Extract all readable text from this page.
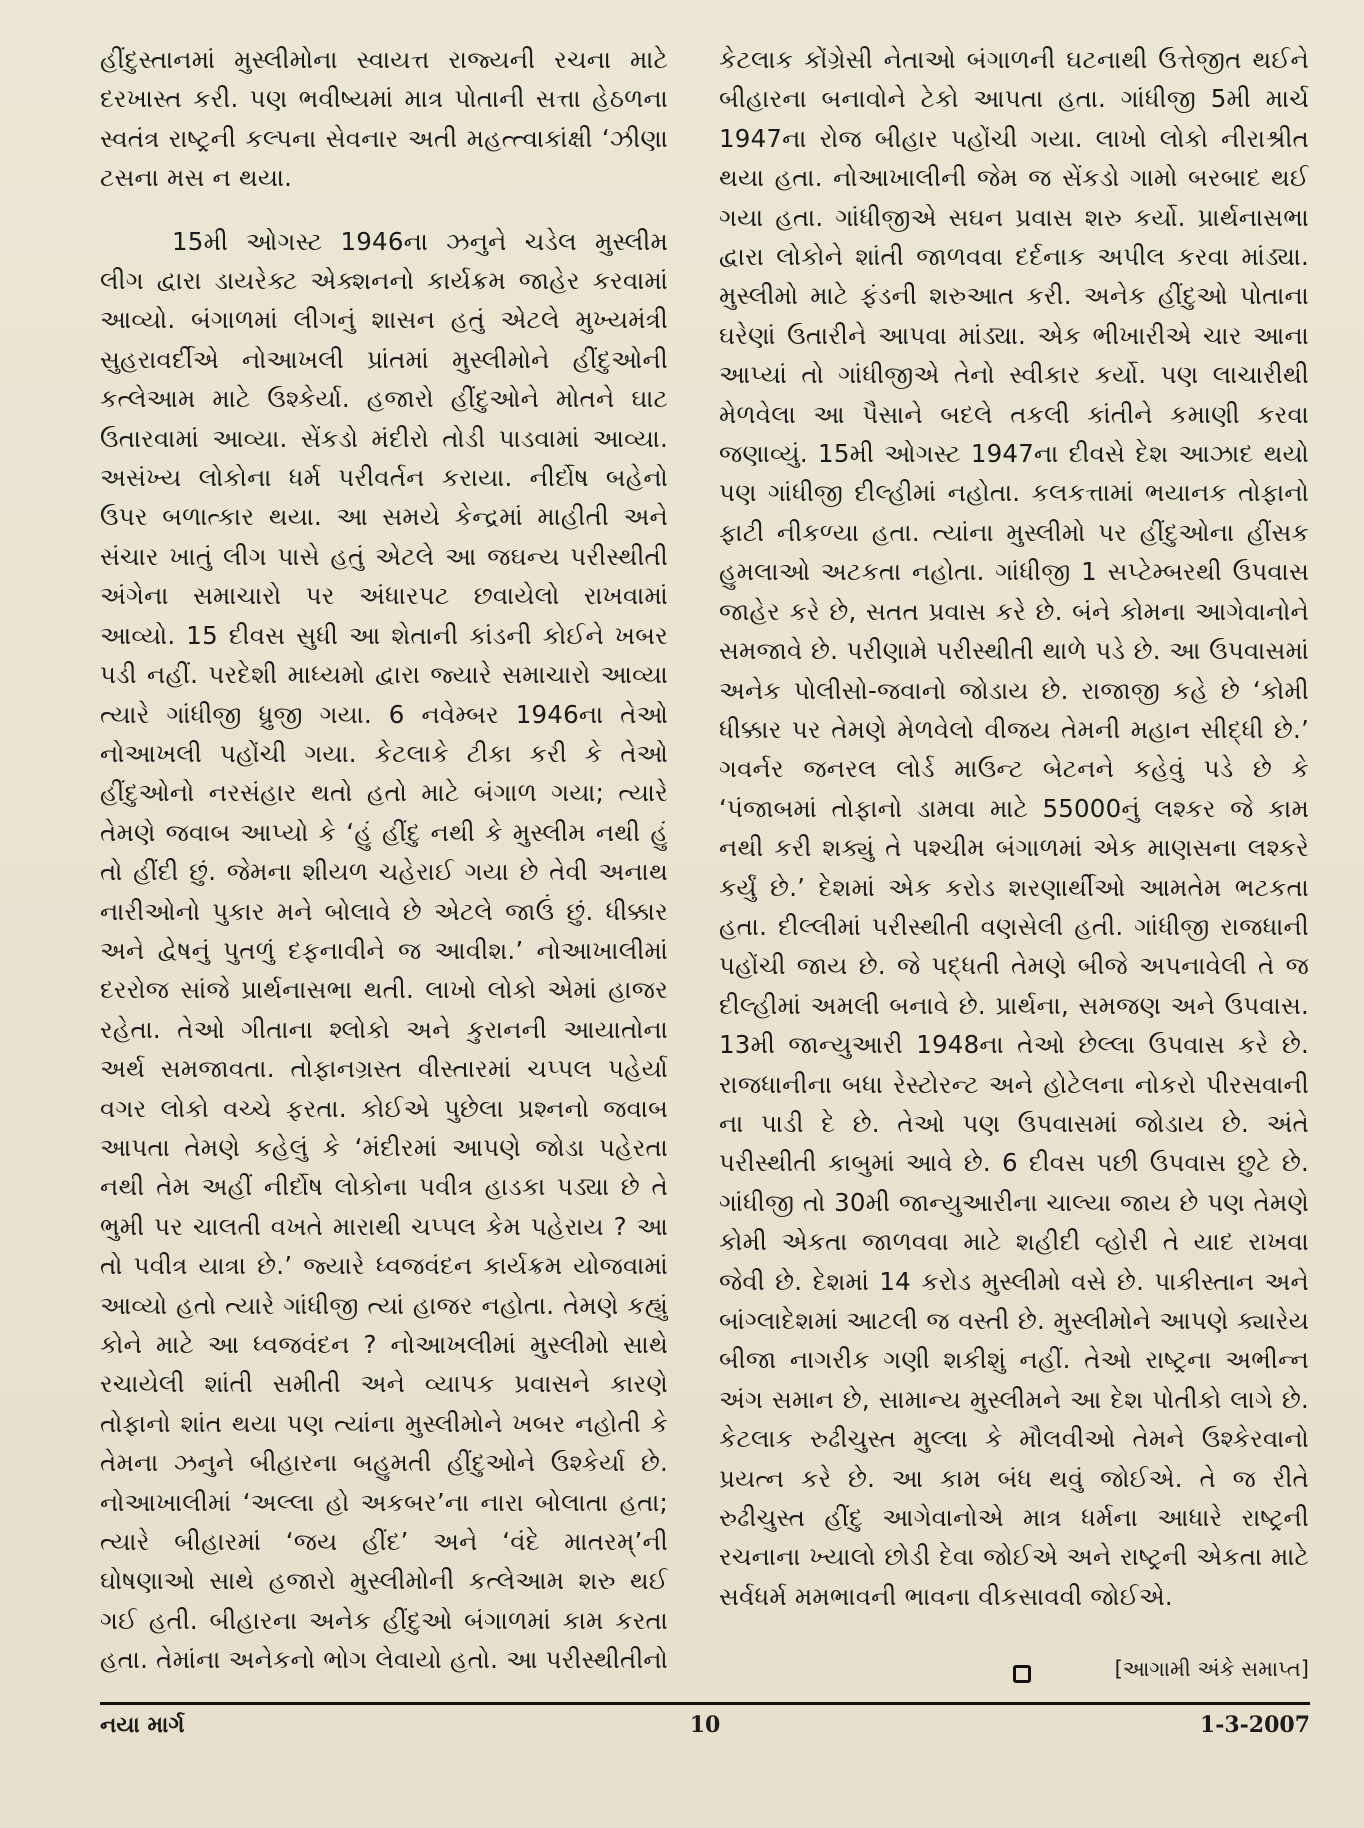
હીંદુસ્તાનમાં મુસ્લીમોના સ્વાયત્ત રાજ્યની રચના માટે દરખાસ્ત કરી. પણ ભવીષ્યમાં માત્ર પોતાની સત્તા હેઠળના સ્વતંત્ર રાષ્ટ્રની કલ્પના સેવનાર અતી મહત્ત્વાકાંક્ષી ‘ઝીણા ટસના મસ ન થયા.

15મી ઓગસ્ટ 1946ના ઝનુને ચડેલ મુસ્લીમ લીગ દ્વારા ડાયરેક્ટ એક્શનનો કાર્યક્રમ જાહેર કરવામાં આવ્યો. બંગાળમાં લીગનું શાસન હતું એટલે મુખ્યમંત્રી સુહરાવર્દીએ નોઆખલી પ્રાંતમાં મુસ્લીમોને હીંદુઓની કત્લેઆમ માટે ઉશ્કેર્યા. હજારો હીંદુઓને મોતને ઘાટ ઉતારવામાં આવ્યા. સેંકડો મંદીરો તોડી પાડવામાં આવ્યા. અસંખ્ય લોકોના ધર્મ પરીવર્તન કરાયા. નીર્દોષ બહેનો ઉપર બળાત્કાર થયા. આ સમયે કેન્દ્રમાં માહીતી અને સંચાર ખાતું લીગ પાસે હતું એટલે આ જઘન્ય પરીસ્થીતી અંગેના સમાચારો પર અંધારપટ છવાયેલો રાખવામાં આવ્યો. 15 દીવસ સુધી આ શેતાની કાંડની કોઈને ખબર પડી નહીં. પરદેશી માધ્યમો દ્વારા જ્યારે સમાચારો આવ્યા ત્યારે ગાંધીજી ધ્રુજી ગયા. 6 નવેમ્બર 1946ના તેઓ નોઆખલી પહોંચી ગયા. કેટલાકે ટીકા કરી કે તેઓ હીંદુઓનો નરસંહાર થતો હતો માટે બંગાળ ગયા; ત્યારે તેમણે જવાબ આપ્યો કે ‘હું હીંદુ નથી કે મુસ્લીમ નથી હું તો હીંદી છું. જેમના શીયળ ચહેરાઈ ગયા છે તેવી અનાથ નારીઓનો પુકાર મને બોલાવે છે એટલે જાઉં છું. ધીક્કાર અને દ્વેષનું પુતળું દફનાવીને જ આવીશ.’ નોઆખાલીમાં દરરોજ સાંજે પ્રાર્થનાસભા થતી. લાખો લોકો એમાં હાજર રહેતા. તેઓ ગીતાના શ્લોકો અને કુરાનની આયાતોના અર્થ સમજાવતા. તોફાનગ્રસ્ત વીસ્તારમાં ચપ્પલ પહેર્યા વગર લોકો વચ્ચે ફરતા. કોઈએ પુછેલા પ્રશ્નનો જવાબ આપતા તેમણે કહેલું કે ‘મંદીરમાં આપણે જોડા પહેરતા નથી તેમ અહીં નીર્દોષ લોકોના પવીત્ર હાડકા પડ્યા છે તે ભુમી પર ચાલતી વખતે મારાથી ચપ્પલ કેમ પહેરાય ? આ તો પવીત્ર યાત્રા છે.’ જ્યારે ધ્વજવંદન કાર્યક્રમ યોજવામાં આવ્યો હતો ત્યારે ગાંધીજી ત્યાં હાજર નહોતા. તેમણે કહ્યું કોને માટે આ ધ્વજવંદન ? નોઆખલીમાં મુસ્લીમો સાથે રચાયેલી શાંતી સમીતી અને વ્યાપક પ્રવાસને કારણે તોફાનો શાંત થયા પણ ત્યાંના મુસ્લીમોને ખબર નહોતી કે તેમના ઝનુને બીહારના બહુમતી હીંદુઓને ઉશ્કેર્યા છે. નોઆખાલીમાં ‘અલ્લા હો અકબર’ના નારા બોલાતા હતા; ત્યારે બીહારમાં ‘જય હીંદ’ અને ‘વંદે માતરમ્’ની ઘોષણાઓ સાથે હજારો મુસ્લીમોની કત્લેઆમ શરુ થઈ ગઈ હતી. બીહારના અનેક હીંદુઓ બંગાળમાં કામ કરતા હતા. તેમાંના અનેકનો ભોગ લેવાયો હતો. આ પરીસ્થીતીનો

કેટલાક કોંગ્રેસી નેતાઓ બંગાળની ઘટનાથી ઉત્તેજીત થઈને બીહારના બનાવોને ટેકો આપતા હતા. ગાંધીજી 5મી માર્ચ 1947ના રોજ બીહાર પહોંચી ગયા. લાખો લોકો નીરાશ્રીત થયા હતા. નોઆખાલીની જેમ જ સેંકડો ગામો બરબાદ થઈ ગયા હતા. ગાંધીજીએ સઘન પ્રવાસ શરુ કર્યો. પ્રાર્થનાસભા દ્વારા લોકોને શાંતી જાળવવા દર્દનાક અપીલ કરવા માંડ્યા. મુસ્લીમો માટે ફંડની શરુઆત કરી. અનેક હીંદુઓ પોતાના ઘરેણાં ઉતારીને આપવા માંડ્યા. એક ભીખારીએ ચાર આના આપ્યાં તો ગાંધીજીએ તેનો સ્વીકાર કર્યો. પણ લાચારીથી મેળવેલા આ પૈસાને બદલે તકલી કાંતીને કમાણી કરવા જણાવ્યું. 15મી ઓગસ્ટ 1947ના દીવસે દેશ આઝાદ થયો પણ ગાંધીજી દીલ્હીમાં નહોતા. કલકત્તામાં ભયાનક તોફાનો ફાટી નીકળ્યા હતા. ત્યાંના મુસ્લીમો પર હીંદુઓના હીંસક હુમલાઓ અટકતા નહોતા. ગાંધીજી 1 સપ્ટેમ્બરથી ઉપવાસ જાહેર કરે છે, સતત પ્રવાસ કરે છે. બંને કોમના આગેવાનોને સમજાવે છે. પરીણામે પરીસ્થીતી થાળે પડે છે. આ ઉપવાસમાં અનેક પોલીસો-જવાનો જોડાય છે. રાજાજી કહે છે ‘કોમી ધીક્કાર પર તેમણે મેળવેલો વીજય તેમની મહાન સીદ્ધી છે.’ ગવર્નર જનરલ લોર્ડ માઉન્ટ બેટનને કહેવું પડે છે કે ‘પંજાબમાં તોફાનો ડામવા માટે 55000નું લશ્કર જે કામ નથી કરી શક્યું તે પશ્ચીમ બંગાળમાં એક માણસના લશ્કરે કર્યું છે.’ દેશમાં એક કરોડ શરણાર્થીઓ આમતેમ ભટકતા હતા. દીલ્લીમાં પરીસ્થીતી વણસેલી હતી. ગાંધીજી રાજધાની પહોંચી જાય છે. જે પદ્ધતી તેમણે બીજે અપનાવેલી તે જ દીલ્હીમાં અમલી બનાવે છે. પ્રાર્થના, સમજણ અને ઉપવાસ. 13મી જાન્યુઆરી 1948ના તેઓ છેલ્લા ઉપવાસ કરે છે. રાજધાનીના બધા રેસ્ટોરન્ટ અને હોટેલના નોકરો પીરસવાની ના પાડી દે છે. તેઓ પણ ઉપવાસમાં જોડાય છે. અંતે પરીસ્થીતી કાબુમાં આવે છે. 6 દીવસ પછી ઉપવાસ છુટે છે. ગાંધીજી તો 30મી જાન્યુઆરીના ચાલ્યા જાય છે પણ તેમણે કોમી એકતા જાળવવા માટે શહીદી વ્હોરી તે યાદ રાખવા જેવી છે. દેશમાં 14 કરોડ મુસ્લીમો વસે છે. પાકીસ્તાન અને બાંગ્લાદેશમાં આટલી જ વસ્તી છે. મુસ્લીમોને આપણે ક્યારેય બીજા નાગરીક ગણી શકીશું નહીં. તેઓ રાષ્ટ્રના અભીન્ન અંગ સમાન છે, સામાન્ય મુસ્લીમને આ દેશ પોતીકો લાગે છે. કેટલાક રુઢીચુસ્ત મુલ્લા કે મૌલવીઓ તેમને ઉશ્કેરવાનો પ્રયત્ન કરે છે. આ કામ બંધ થવું જોઈએ. તે જ રીતે રુઢીચુસ્ત હીંદુ આગેવાનોએ માત્ર ધર્મના આધારે રાષ્ટ્રની રચનાના ખ્યાલો છોડી દેવા જોઈએ અને રાષ્ટ્રની એકતા માટે સર્વધર્મ મમભાવની ભાવના વીકસાવવી જોઈએ.

[આગામી અંકે સમાપ્ત]
નયા માર્ગ	10	1-3-2007
